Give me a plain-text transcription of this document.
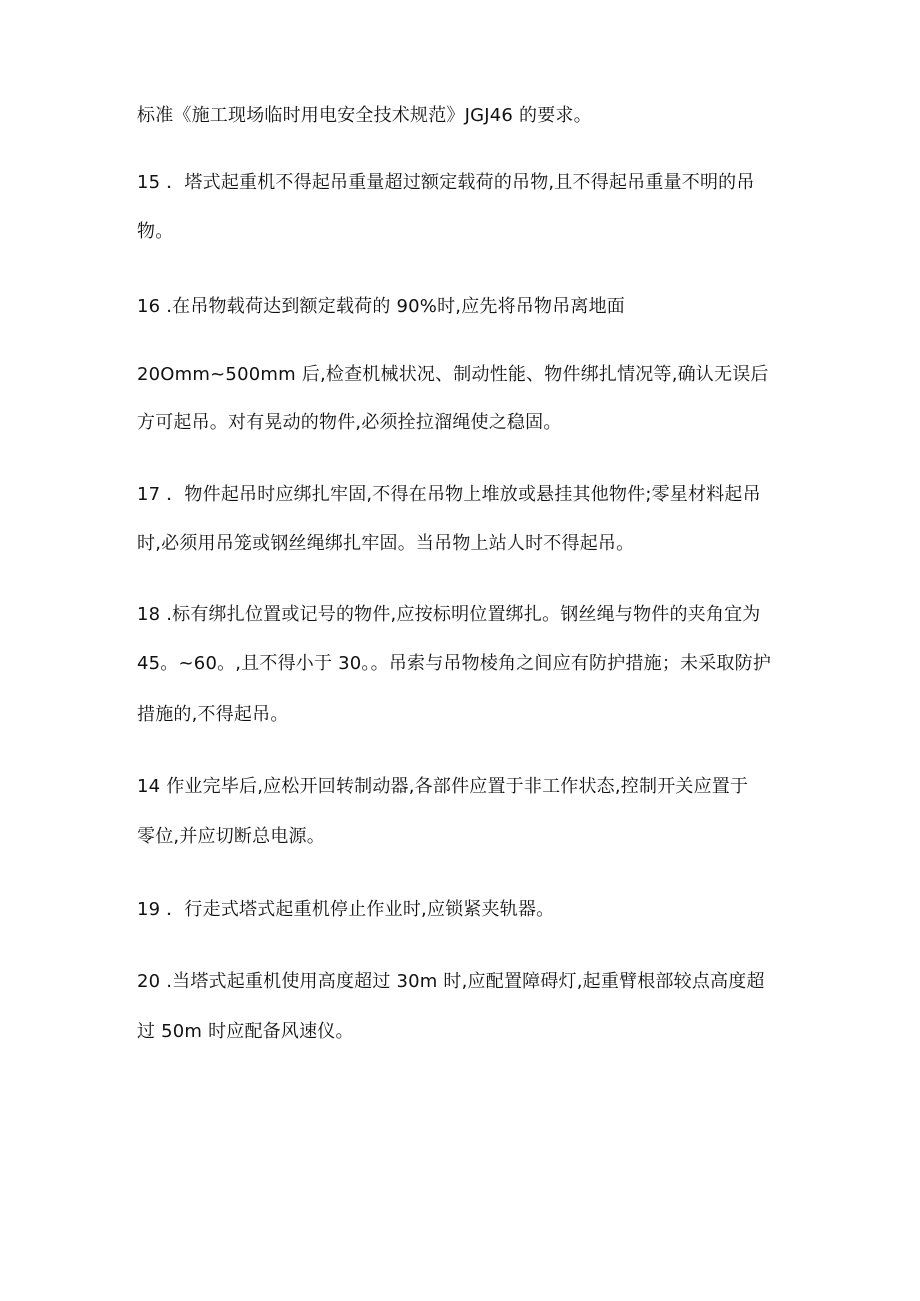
标准《施工现场临时用电安全技术规范》JGJ46 的要求。
15 ．塔式起重机不得起吊重量超过额定载荷的吊物,且不得起吊重量不明的吊
物。
16 .在吊物载荷达到额定载荷的 90%时,应先将吊物吊离地面
20Omm~500mm 后,检查机械状况、制动性能、物件绑扎情况等,确认无误后
方可起吊。对有晃动的物件,必须拴拉溜绳使之稳固。
17 ．物件起吊时应绑扎牢固,不得在吊物上堆放或悬挂其他物件;零星材料起吊
时,必须用吊笼或钢丝绳绑扎牢固。当吊物上站人时不得起吊。
18 .标有绑扎位置或记号的物件,应按标明位置绑扎。钢丝绳与物件的夹角宜为
45。~60。,且不得小于 30。。吊索与吊物棱角之间应有防护措施；未采取防护
措施的,不得起吊。
14 作业完毕后,应松开回转制动器,各部件应置于非工作状态,控制开关应置于
零位,并应切断总电源。
19 ．行走式塔式起重机停止作业时,应锁紧夹轨器。
20 .当塔式起重机使用高度超过 30m 时,应配置障碍灯,起重臂根部较点高度超
过 50m 时应配备风速仪。
